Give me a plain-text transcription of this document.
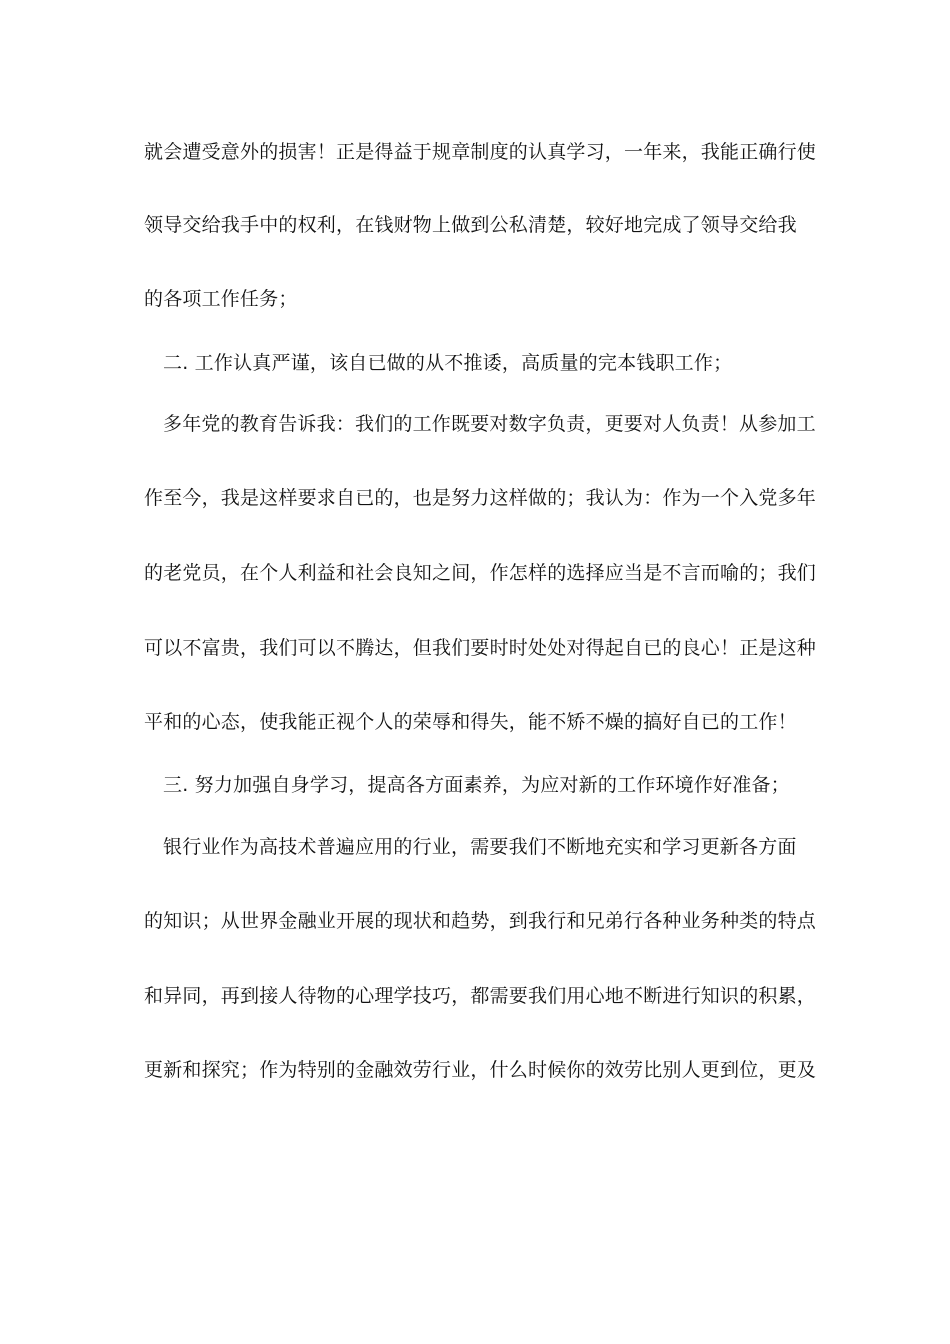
就会遭受意外的损害！正是得益于规章制度的认真学习，一年来，我能正确行使
领导交给我手中的权利，在钱财物上做到公私清楚，较好地完成了领导交给我
的各项工作任务；
二. 工作认真严谨，该自已做的从不推诿，高质量的完本钱职工作；
多年党的教育告诉我：我们的工作既要对数字负责，更要对人负责！从参加工
作至今，我是这样要求自已的，也是努力这样做的；我认为：作为一个入党多年
的老党员，在个人利益和社会良知之间，作怎样的选择应当是不言而喻的；我们
可以不富贵，我们可以不腾达，但我们要时时处处对得起自已的良心！正是这种
平和的心态，使我能正视个人的荣辱和得失，能不矫不燥的搞好自已的工作！
三. 努力加强自身学习，提高各方面素养，为应对新的工作环境作好准备；
银行业作为高技术普遍应用的行业，需要我们不断地充实和学习更新各方面
的知识；从世界金融业开展的现状和趋势，到我行和兄弟行各种业务种类的特点
和异同，再到接人待物的心理学技巧，都需要我们用心地不断进行知识的积累，
更新和探究；作为特别的金融效劳行业，什么时候你的效劳比别人更到位，更及
